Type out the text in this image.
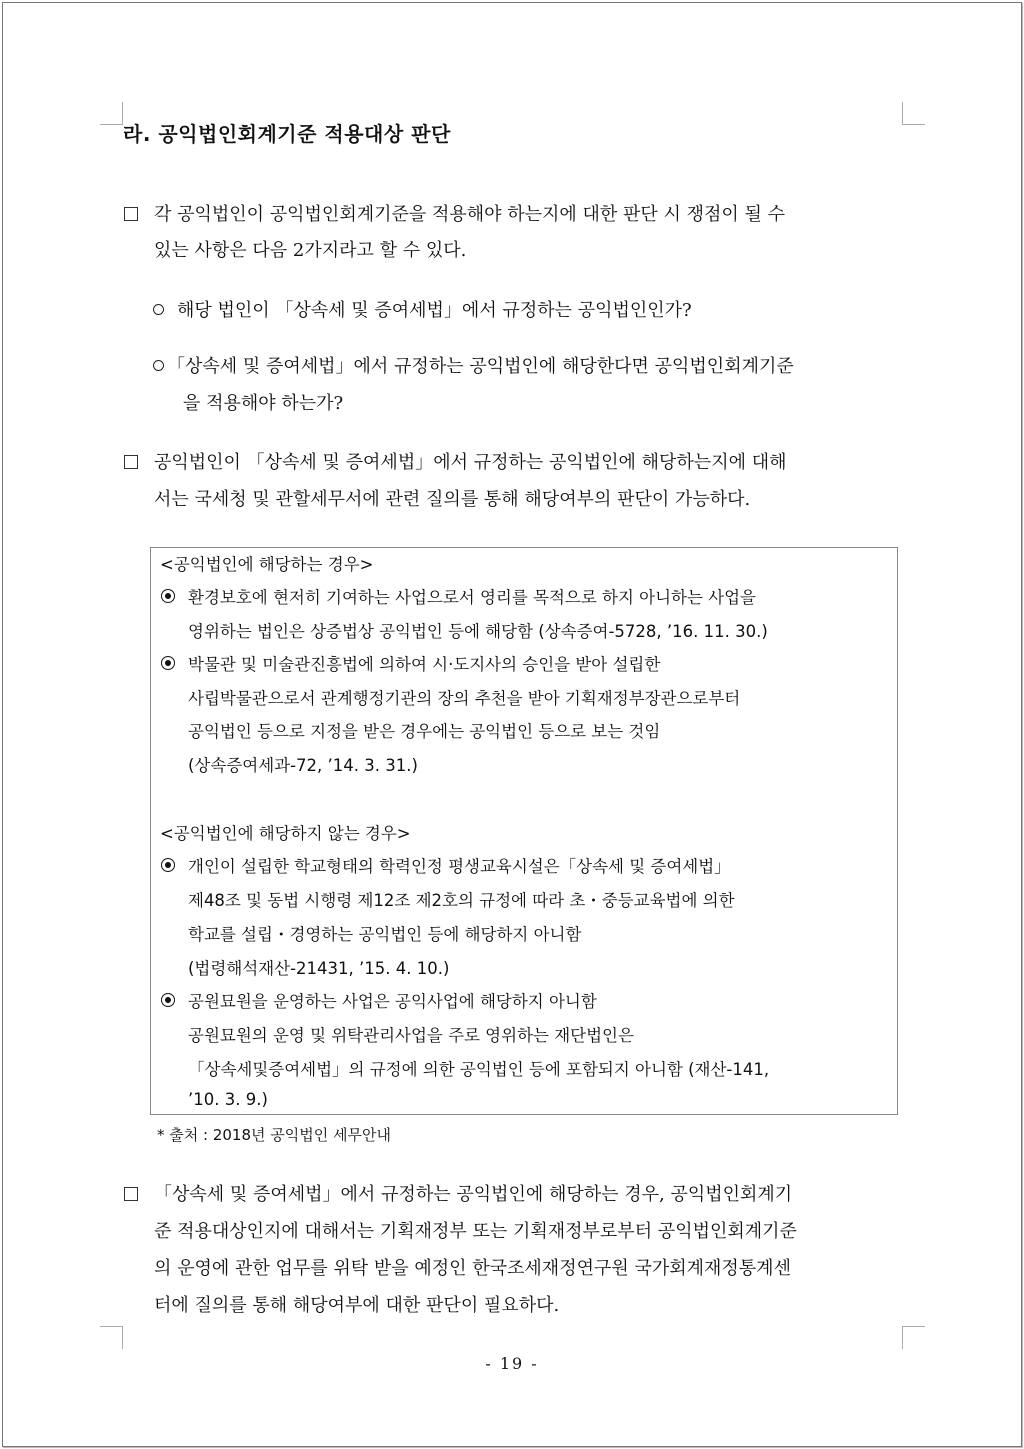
라. 공익법인회계기준 적용대상 판단
각 공익법인이 공익법인회계기준을 적용해야 하는지에 대한 판단 시 쟁점이 될 수
있는 사항은 다음 2가지라고 할 수 있다.
해당 법인이 「상속세 및 증여세법」에서 규정하는 공익법인인가?
「상속세 및 증여세법」에서 규정하는 공익법인에 해당한다면 공익법인회계기준
을 적용해야 하는가?
공익법인이 「상속세 및 증여세법」에서 규정하는 공익법인에 해당하는지에 대해
서는 국세청 및 관할세무서에 관련 질의를 통해 해당여부의 판단이 가능하다.
<공익법인에 해당하는 경우>
환경보호에 현저히 기여하는 사업으로서 영리를 목적으로 하지 아니하는 사업을
영위하는 법인은 상증법상 공익법인 등에 해당함 (상속증여-5728, ’16. 11. 30.)
박물관 및 미술관진흥법에 의하여 시·도지사의 승인을 받아 설립한
사립박물관으로서 관계행정기관의 장의 추천을 받아 기획재정부장관으로부터
공익법인 등으로 지정을 받은 경우에는 공익법인 등으로 보는 것임
(상속증여세과-72, ’14. 3. 31.)
<공익법인에 해당하지 않는 경우>
개인이 설립한 학교형태의 학력인정 평생교육시설은「상속세 및 증여세법」
제48조 및 동법 시행령 제12조 제2호의 규정에 따라 초・중등교육법에 의한
학교를 설립・경영하는 공익법인 등에 해당하지 아니함
(법령해석재산-21431, ’15. 4. 10.)
공원묘원을 운영하는 사업은 공익사업에 해당하지 아니함
공원묘원의 운영 및 위탁관리사업을 주로 영위하는 재단법인은
「상속세및증여세법」의 규정에 의한 공익법인 등에 포함되지 아니함 (재산-141,
’10. 3. 9.)
* 출처 : 2018년 공익법인 세무안내
「상속세 및 증여세법」에서 규정하는 공익법인에 해당하는 경우, 공익법인회계기
준 적용대상인지에 대해서는 기획재정부 또는 기획재정부로부터 공익법인회계기준
의 운영에 관한 업무를 위탁 받을 예정인 한국조세재정연구원 국가회계재정통계센
터에 질의를 통해 해당여부에 대한 판단이 필요하다.
- 19 -
